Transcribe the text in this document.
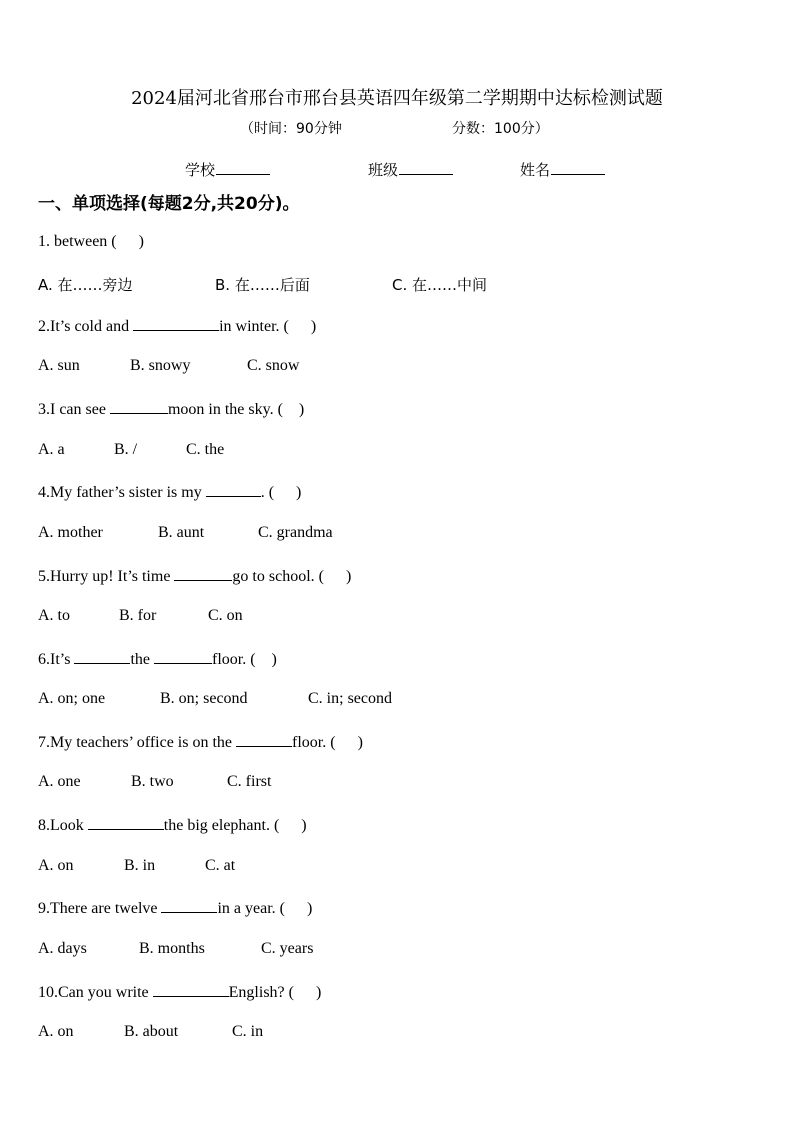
2024届河北省邢台市邢台县英语四年级第二学期期中达标检测试题
（时间：90分钟	分数：100分）
学校	班级	姓名
一、单项选择(每题2分,共20分)。
1. between ( )
A. 在……旁边	B. 在……后面	C. 在……中间
2.It’s cold and	in winter. ( )
A. sun	B. snowy	C. snow
3.I can see	moon in the sky. ( )
A. a	B. /	C. the
4.My father’s sister is my	. ( )
A. mother	B. aunt	C. grandma
5.Hurry up! It’s time	go to school. ( )
A. to	B. for	C. on
6.It’s	the	floor. ( )
A. on; one	B. on; second	C. in; second
7.My teachers’ office is on the	floor. ( )
A. one	B. two	C. first
8.Look	the big elephant. ( )
A. on	B. in	C. at
9.There are twelve	in a year. ( )
A. days	B. months	C. years
10.Can you write	English? ( )
A. on	B. about	C. in
